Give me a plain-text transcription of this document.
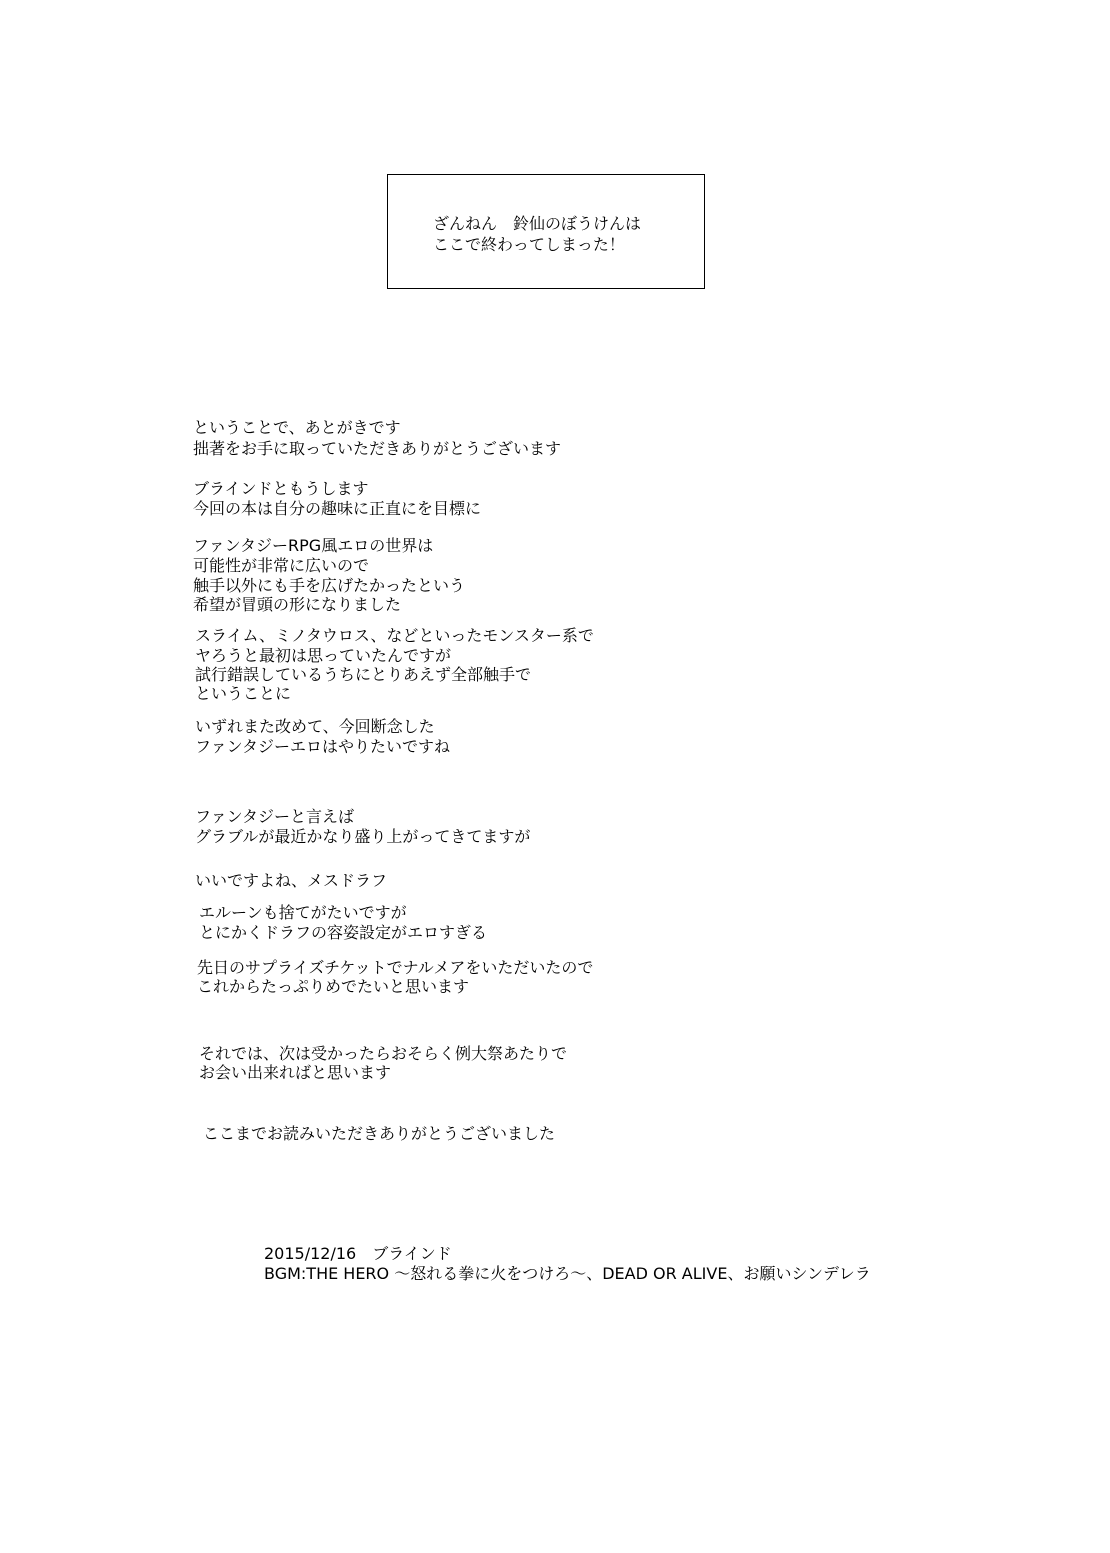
ざんねん　鈴仙のぼうけんは
ここで終わってしまった！
ということで、あとがきです
拙著をお手に取っていただきありがとうございます
ブラインドともうします
今回の本は自分の趣味に正直にを目標に
ファンタジーRPG風エロの世界は
可能性が非常に広いので
触手以外にも手を広げたかったという
希望が冒頭の形になりました
スライム、ミノタウロス、などといったモンスター系で
ヤろうと最初は思っていたんですが
試行錯誤しているうちにとりあえず全部触手で
ということに
いずれまた改めて、今回断念した
ファンタジーエロはやりたいですね
ファンタジーと言えば
グラブルが最近かなり盛り上がってきてますが
いいですよね、メスドラフ
エルーンも捨てがたいですが
とにかくドラフの容姿設定がエロすぎる
先日のサプライズチケットでナルメアをいただいたので
これからたっぷりめでたいと思います
それでは、次は受かったらおそらく例大祭あたりで
お会い出来ればと思います
ここまでお読みいただきありがとうございました
2015/12/16　ブラインド
BGM:THE HERO ～怒れる拳に火をつけろ～、DEAD OR ALIVE、お願いシンデレラ
